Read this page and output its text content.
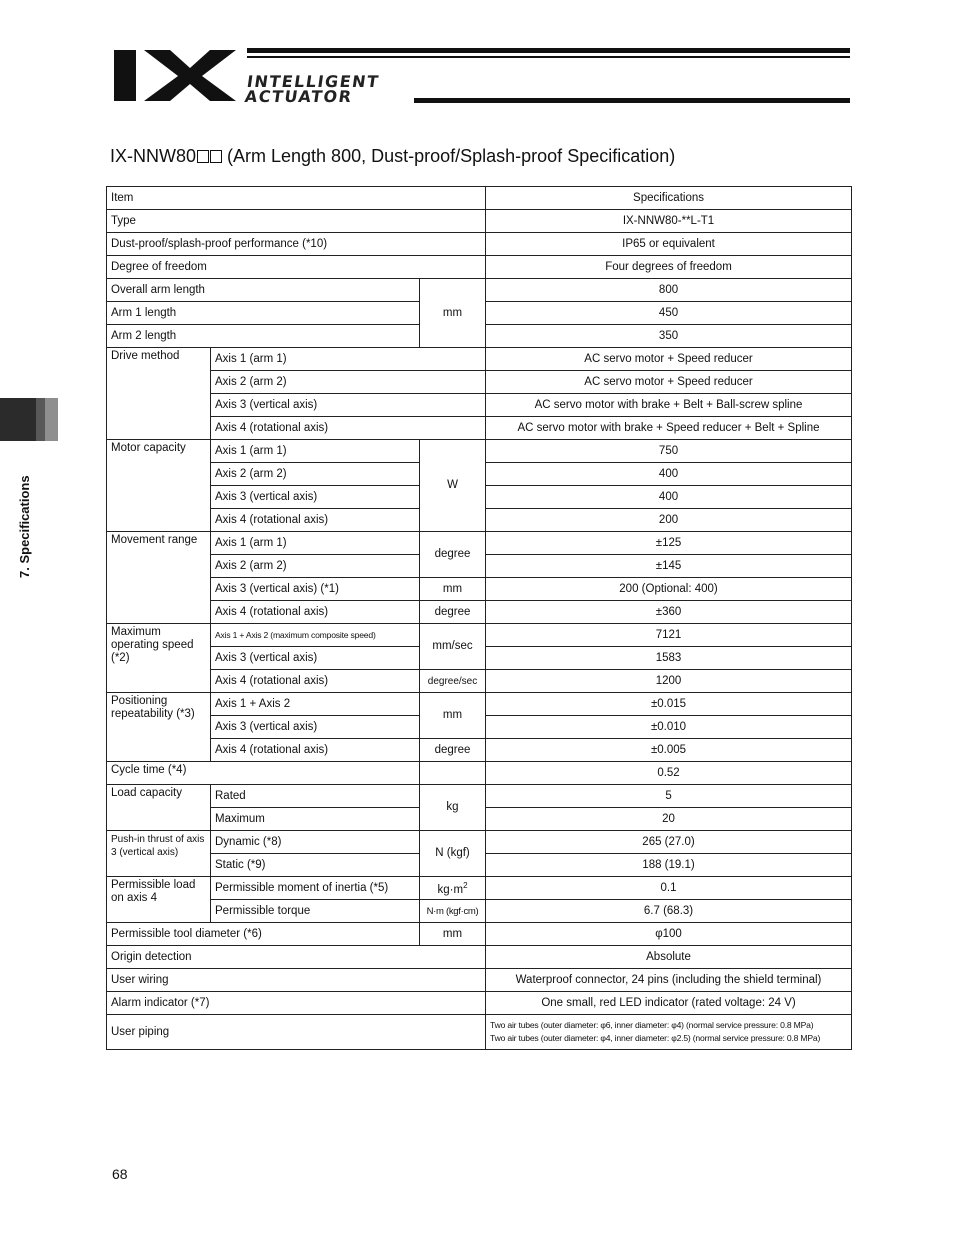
INTELLIGENT
ACTUATOR
IX-NNW80 (Arm Length 800, Dust-proof/Splash-proof Specification)
7. Specifications
Item			Specifications
Type			IX-NNW80-**L-T1
Dust-proof/splash-proof performance (*10)			IP65 or equivalent
Degree of freedom			Four degrees of freedom
Overall arm length		mm	800
Arm 1 length			450
Arm 2 length			350
Drive method	Axis 1 (arm 1)		AC servo motor + Speed reducer
	Axis 2 (arm 2)		AC servo motor + Speed reducer
	Axis 3 (vertical axis)		AC servo motor with brake + Belt + Ball-screw spline
	Axis 4 (rotational axis)		AC servo motor with brake + Speed reducer + Belt + Spline
Motor capacity	Axis 1 (arm 1)	W	750
	Axis 2 (arm 2)		400
	Axis 3 (vertical axis)		400
	Axis 4 (rotational axis)		200
Movement range	Axis 1 (arm 1)	degree	±125
	Axis 2 (arm 2)		±145
	Axis 3 (vertical axis) (*1)	mm	200 (Optional: 400)
	Axis 4 (rotational axis)	degree	±360
Maximum operating speed (*2)	Axis 1 + Axis 2 (maximum composite speed)	mm/sec	7121
	Axis 3 (vertical axis)		1583
	Axis 4 (rotational axis)	degree/sec	1200
Positioning repeatability (*3)	Axis 1 + Axis 2	mm	±0.015
	Axis 3 (vertical axis)		±0.010
	Axis 4 (rotational axis)	degree	±0.005
Cycle time (*4)			0.52
Load capacity	Rated	kg	5
	Maximum		20
Push-in thrust of axis 3 (vertical axis)	Dynamic (*8)	N (kgf)	265 (27.0)
	Static (*9)		188 (19.1)
Permissible load on axis 4	Permissible moment of inertia (*5)	$kg\cdot m^2$	0.1
	Permissible torque	N·m (kgf·cm)	6.7 (68.3)
Permissible tool diameter (*6)		mm	φ100
Origin detection			Absolute
User wiring			Waterproof connector, 24 pins (including the shield terminal)
Alarm indicator (*7)			One small, red LED indicator (rated voltage: 24 V)
User piping			Two air tubes (outer diameter: φ6, inner diameter: φ4) (normal service pressure: 0.8 MPa)
Two air tubes (outer diameter: φ4, inner diameter: φ2.5) (normal service pressure: 0.8 MPa)
68
